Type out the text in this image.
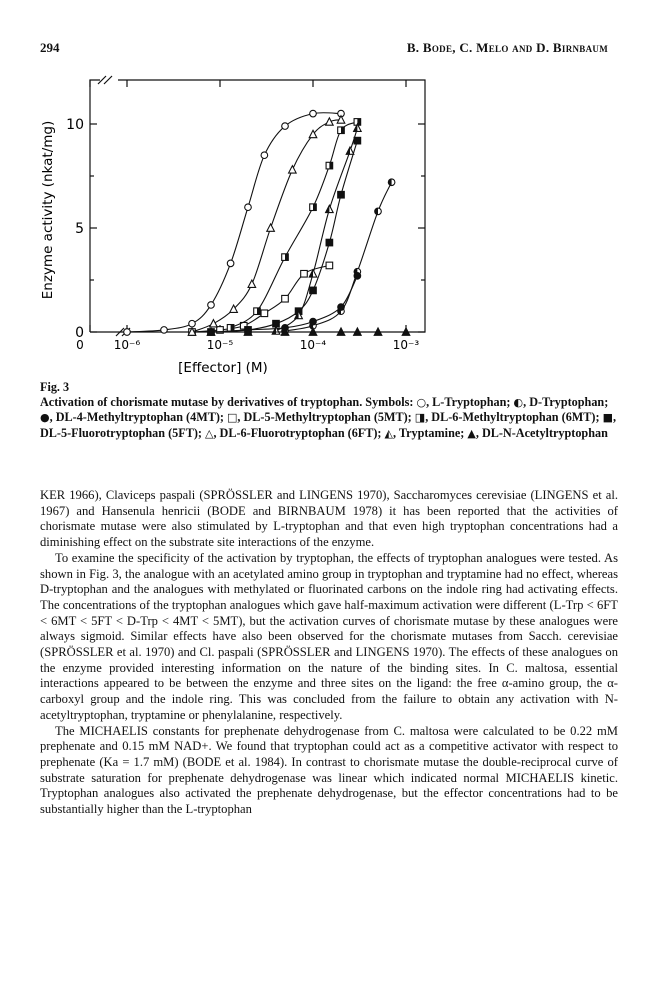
294	B. Bode, C. Melo and D. Birnbaum
0
5
10
0 10⁻⁶	10⁻⁵	10⁻⁴	10⁻³
Enzyme activity (nkat/mg)
[Effector] (M)

Fig. 3
Activation of chorismate mutase by derivatives of tryptophan. Symbols: ○, L-Tryptophan; ◐, D-Tryptophan; ●, DL-4-Methyltryptophan (4MT); □, DL-5-Methyltryptophan (5MT); ◨, DL-6-Methyltryptophan (6MT); ■, DL-5-Fluorotryptophan (5FT); △, DL-6-Fluorotryptophan (6FT); ◭, Tryptamine; ▲, DL-N-Acetyltryptophan

KER 1966), Claviceps paspali (SPRÖSSLER and LINGENS 1970), Saccharomyces cerevisiae (LINGENS et al. 1967) and Hansenula henricii (BODE and BIRNBAUM 1978) it has been reported that the activities of chorismate mutase were also stimulated by L-tryptophan and that even high tryptophan concentrations had a diminishing effect on the substrate site interactions of the enzyme.

To examine the specificity of the activation by tryptophan, the effects of tryptophan analogues were tested. As shown in Fig. 3, the analogue with an acetylated amino group in tryptophan and tryptamine had no effect, whereas D-tryptophan and the analogues with methylated or fluorinated carbons on the indole ring had activating effects. The concentrations of the tryptophan analogues which gave half-maximum activation were different (L-Trp < 6FT < 6MT < 5FT < D-Trp < 4MT < 5MT), but the activation curves of chorismate mutase by these analogues were always sigmoid. Similar effects have also been observed for the chorismate mutases from Sacch. cerevisiae (SPRÖSSLER et al. 1970) and Cl. paspali (SPRÖSSLER and LINGENS 1970). The effects of these analogues on the enzyme provided interesting information on the nature of the binding sites. In C. maltosa, essential interactions appeared to be between the enzyme and three sites on the ligand: the free α-amino group, the α-carboxyl group and the indole ring. This was concluded from the failure to obtain any activation with N-acetyltryptophan, tryptamine or phenylalanine, respectively.

The MICHAELIS constants for prephenate dehydrogenase from C. maltosa were calculated to be 0.22 mM prephenate and 0.15 mM NAD+. We found that tryptophan could act as a competitive activator with respect to prephenate (Ka = 1.7 mM) (BODE et al. 1984). In contrast to chorismate mutase the double-reciprocal curve of substrate saturation for prephenate dehydrogenase was linear which indicated normal MICHAELIS kinetic. Tryptophan analogues also activated the prephenate dehydrogenase, but the effector concentrations had to be substantially higher than the L-tryptophan
